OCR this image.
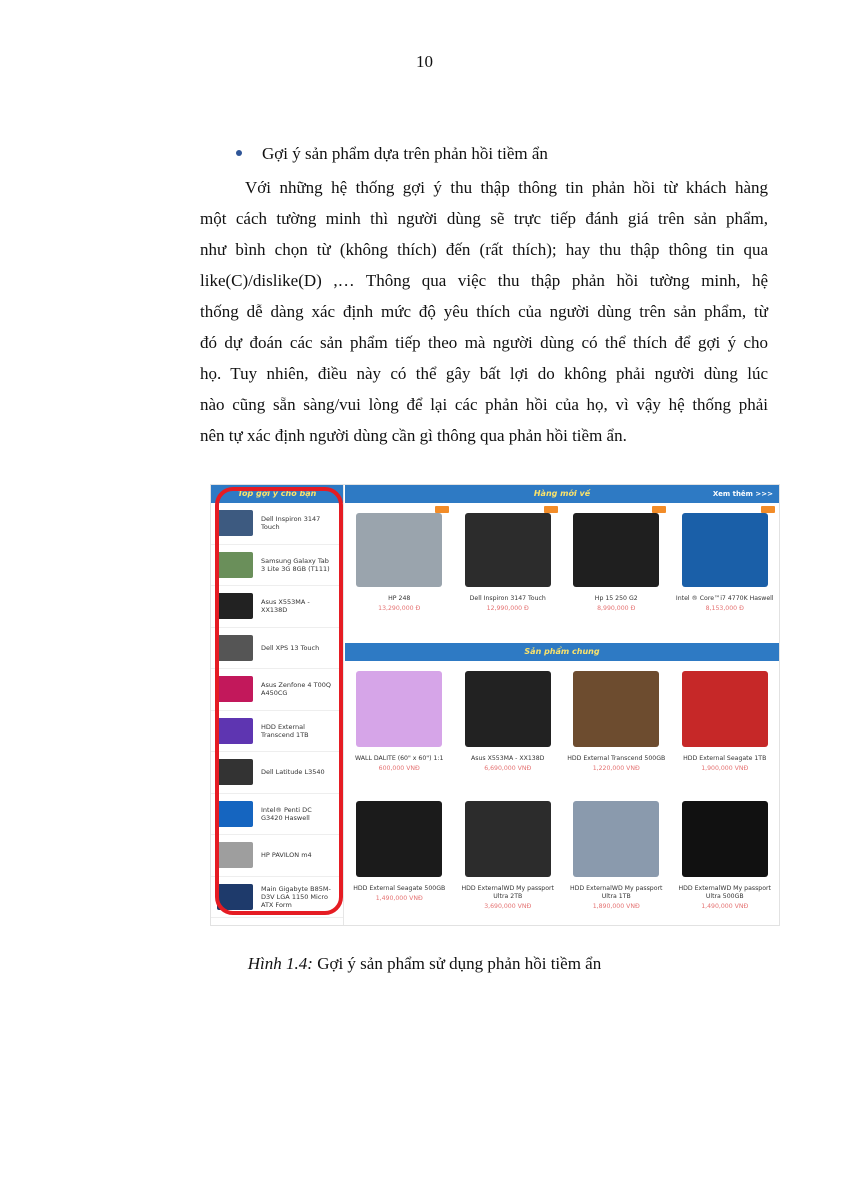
10
Gợi ý sản phẩm dựa trên phản hồi tiềm ẩn

Với những hệ thống gợi ý thu thập thông tin phản hồi từ khách hàng
một cách tường minh thì người dùng sẽ trực tiếp đánh giá trên sản phẩm,
như bình chọn từ (không thích) đến (rất thích); hay thu thập thông tin qua
like(C)/dislike(D) ,… Thông qua việc thu thập phản hồi tường minh, hệ
thống dễ dàng xác định mức độ yêu thích của người dùng trên sản phẩm, từ
đó dự đoán các sản phẩm tiếp theo mà người dùng có thể thích để gợi ý cho
họ. Tuy nhiên, điều này có thể gây bất lợi do không phải người dùng lúc
nào cũng sẵn sàng/vui lòng để lại các phản hồi của họ, vì vậy hệ thống phải
nên tự xác định người dùng cần gì thông qua phản hồi tiềm ẩn.

Top gợi ý cho bạn
Dell Inspiron 3147 Touch
Samsung Galaxy Tab 3 Lite 3G 8GB (T111)
Asus X553MA - XX138D
Dell XPS 13 Touch
Asus Zenfone 4 T00Q A450CG
HDD External Transcend 1TB
Dell Latitude L3540
Intel® Penti DC G3420 Haswell
HP PAVILON m4
Main Gigabyte B85M-D3V LGA 1150 Micro ATX Form
Hàng mới về	Xem thêm >>>
HP 248
13,290,000 Đ
Dell Inspiron 3147 Touch
12,990,000 Đ
Hp 15 250 G2
8,990,000 Đ
Intel ® Core™i7 4770K Haswell
8,153,000 Đ
Sản phẩm chung
WALL DALITE (60" x 60") 1:1
600,000 VNĐ
Asus X553MA - XX138D
6,690,000 VNĐ
HDD External Transcend 500GB
1,220,000 VNĐ
HDD External Seagate 1TB
1,900,000 VNĐ
HDD External Seagate 500GB
1,490,000 VNĐ
HDD ExternalWD My passport Ultra 2TB
3,690,000 VNĐ
HDD ExternalWD My passport Ultra 1TB
1,890,000 VNĐ
HDD ExternalWD My passport Ultra 500GB
1,490,000 VNĐ
Hình 1.4: Gợi ý sản phẩm sử dụng phản hồi tiềm ẩn
